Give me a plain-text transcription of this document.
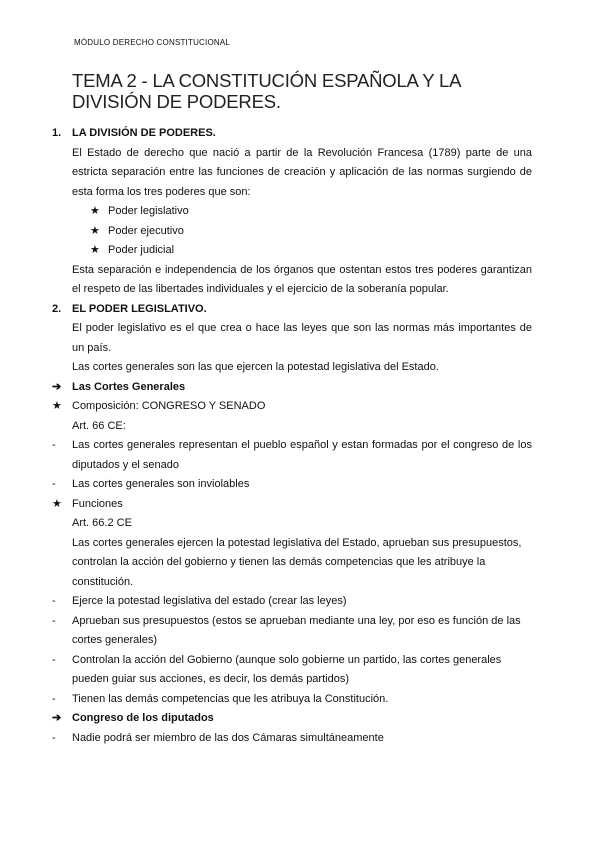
MÓDULO DERECHO CONSTITUCIONAL
TEMA 2 - LA CONSTITUCIÓN ESPAÑOLA Y LA DIVISIÓN DE PODERES.
1. LA DIVISIÓN DE PODERES.
El Estado de derecho que nació a partir de la Revolución Francesa (1789) parte de una estricta separación entre las funciones de creación y aplicación de las normas surgiendo de esta forma los tres poderes que son:
★ Poder legislativo
★ Poder ejecutivo
★ Poder judicial
Esta separación e independencia de los órganos que ostentan estos tres poderes garantizan el respeto de las libertades individuales y el ejercicio de la soberanía popular.
2. EL PODER LEGISLATIVO.
El poder legislativo es el que crea o hace las leyes que son las normas más importantes de un país.
Las cortes generales son las que ejercen la potestad legislativa del Estado.
➔ Las Cortes Generales
★ Composición: CONGRESO Y SENADO
Art. 66 CE:
-	Las cortes generales representan el pueblo español y estan formadas por el congreso de los diputados y el senado
-	Las cortes generales son inviolables
★ Funciones
Art. 66.2 CE
Las cortes generales ejercen la potestad legislativa del Estado, aprueban sus presupuestos, controlan la acción del gobierno y tienen las demás competencias que les atribuye la constitución.
-	Ejerce la potestad legislativa del estado (crear las leyes)
-	Aprueban sus presupuestos (estos se aprueban mediante una ley, por eso es función de las cortes generales)
-	Controlan la acción del Gobierno (aunque solo gobierne un partido, las cortes generales pueden guiar sus acciones, es decir, los demás partidos)
-	Tienen las demás competencias que les atribuya la Constitución.
➔ Congreso de los diputados
-	Nadie podrá ser miembro de las dos Cámaras simultáneamente
